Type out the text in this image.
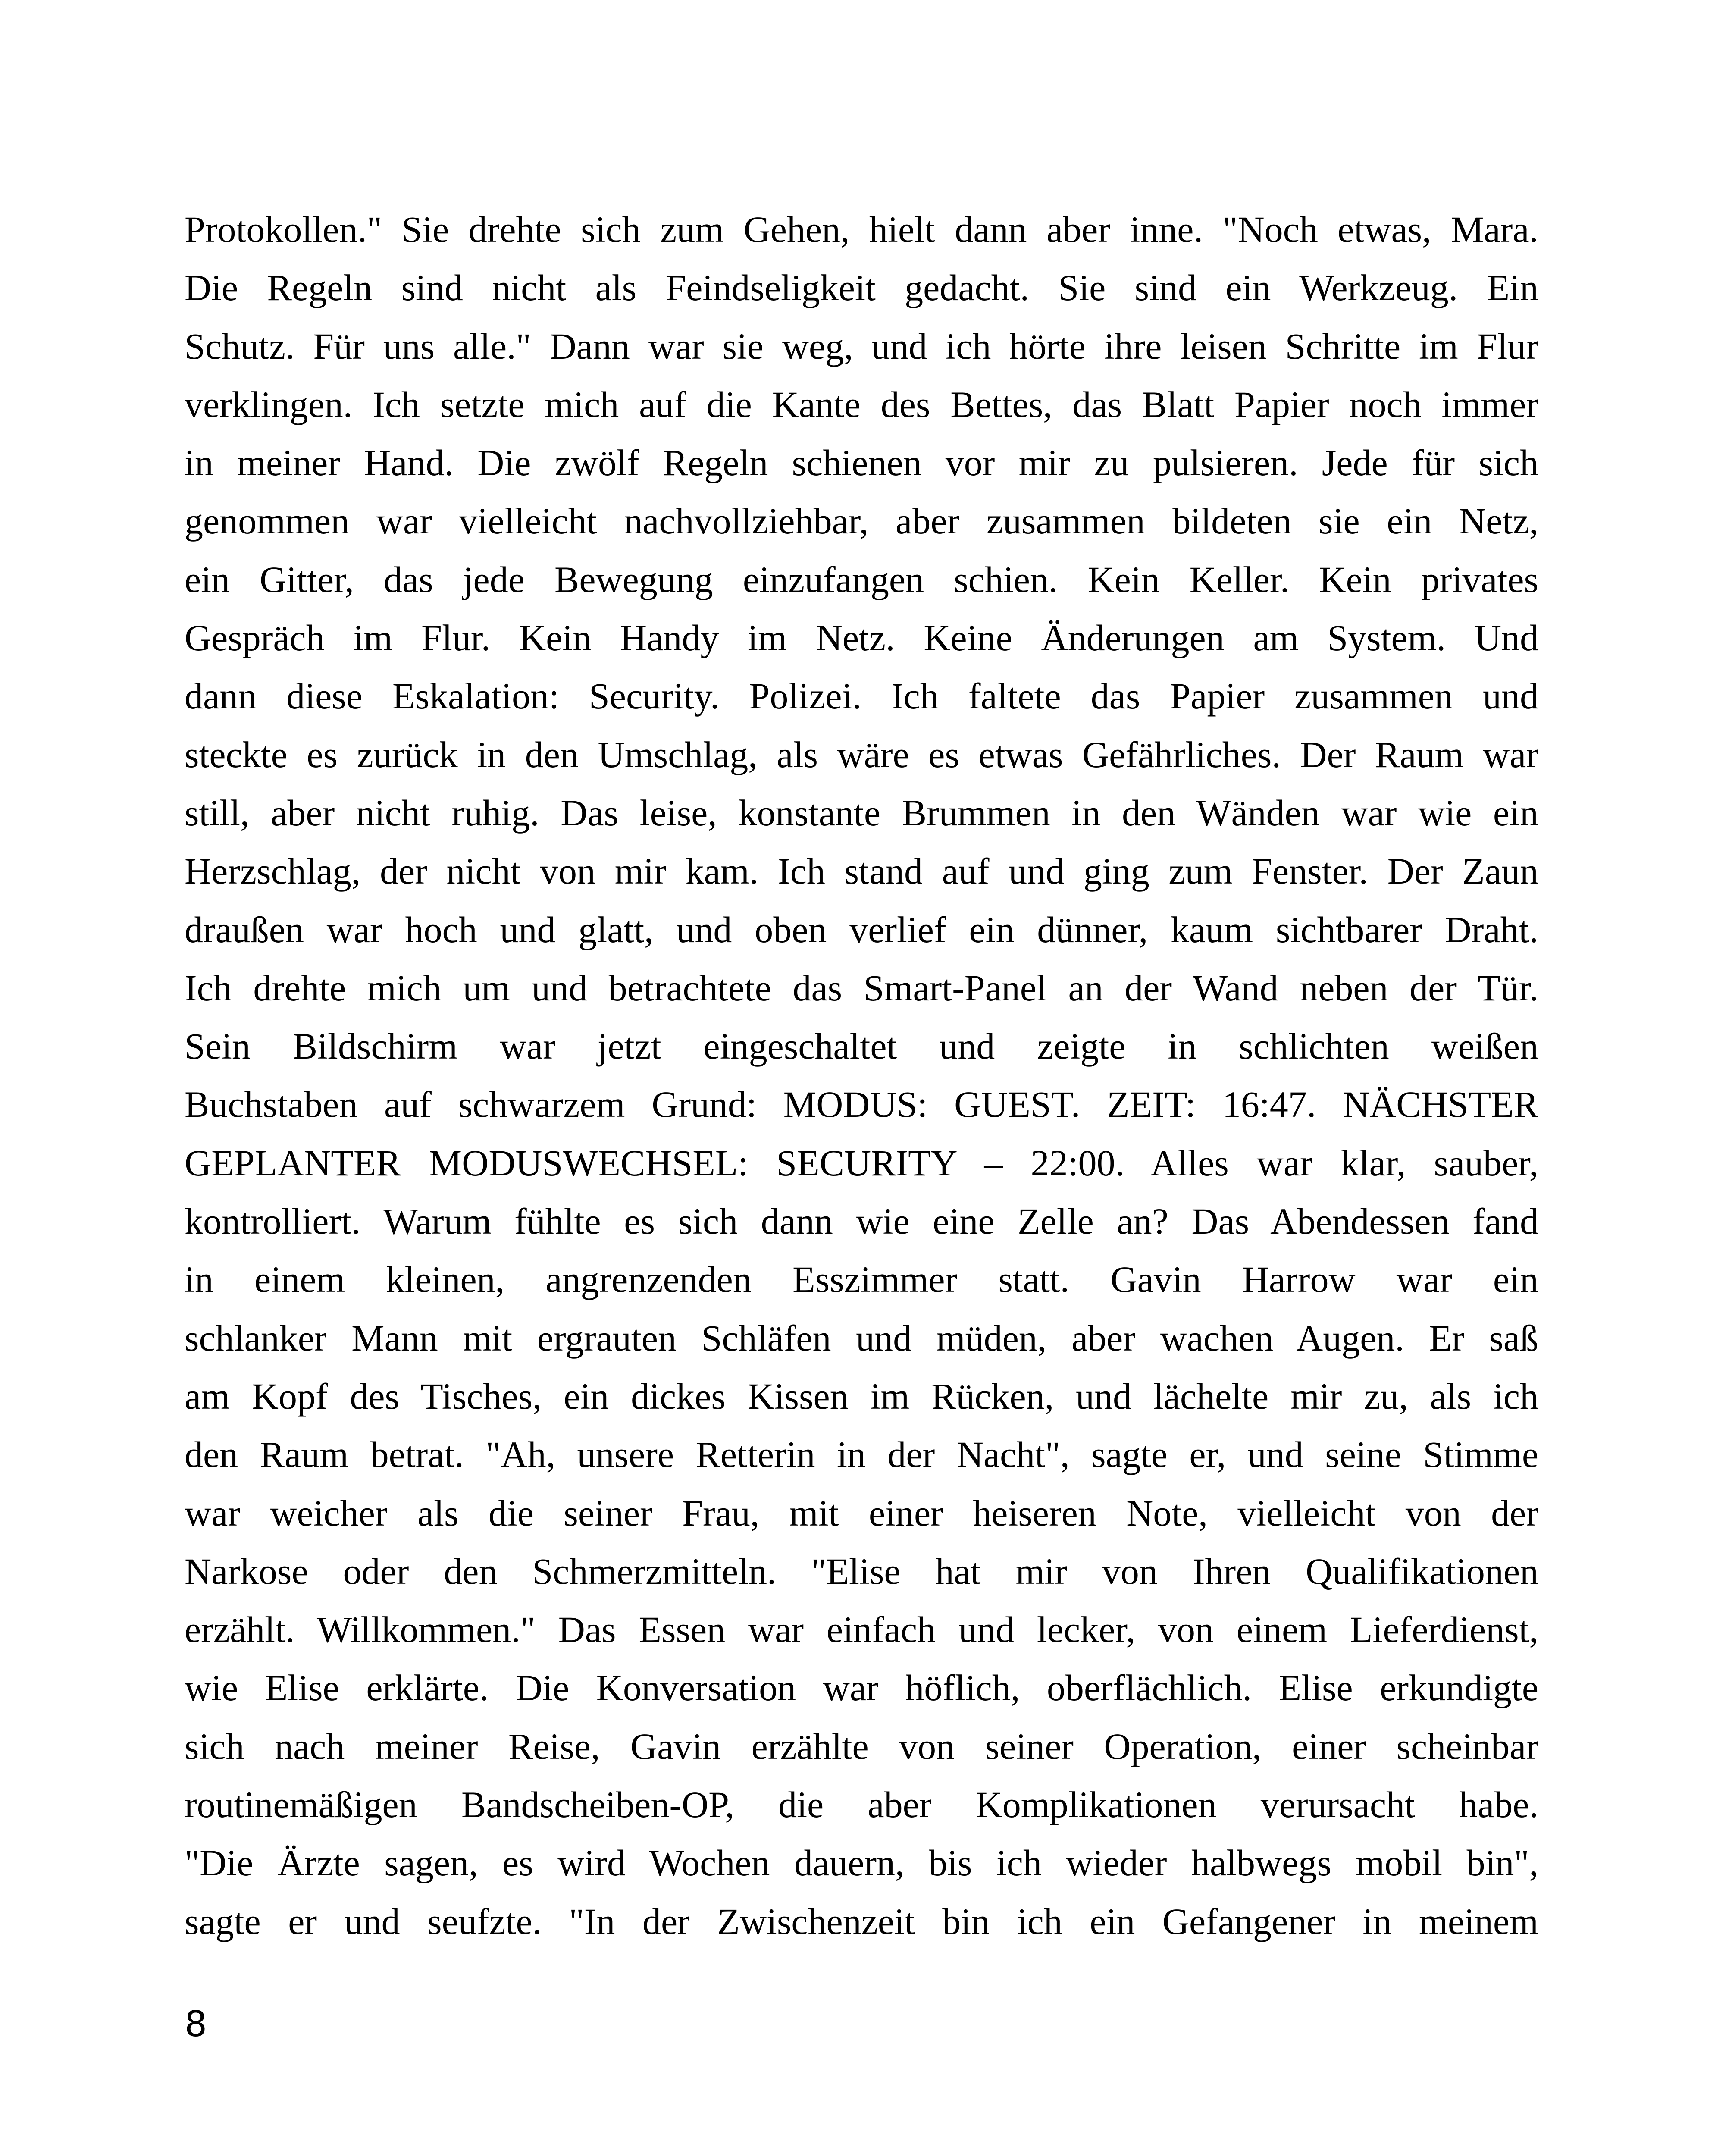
Protokollen." Sie drehte sich zum Gehen, hielt dann aber inne. "Noch etwas, Mara.
Die Regeln sind nicht als Feindseligkeit gedacht. Sie sind ein Werkzeug. Ein
Schutz. Für uns alle." Dann war sie weg, und ich hörte ihre leisen Schritte im Flur
verklingen. Ich setzte mich auf die Kante des Bettes, das Blatt Papier noch immer
in meiner Hand. Die zwölf Regeln schienen vor mir zu pulsieren. Jede für sich
genommen war vielleicht nachvollziehbar, aber zusammen bildeten sie ein Netz,
ein Gitter, das jede Bewegung einzufangen schien. Kein Keller. Kein privates
Gespräch im Flur. Kein Handy im Netz. Keine Änderungen am System. Und
dann diese Eskalation: Security. Polizei. Ich faltete das Papier zusammen und
steckte es zurück in den Umschlag, als wäre es etwas Gefährliches. Der Raum war
still, aber nicht ruhig. Das leise, konstante Brummen in den Wänden war wie ein
Herzschlag, der nicht von mir kam. Ich stand auf und ging zum Fenster. Der Zaun
draußen war hoch und glatt, und oben verlief ein dünner, kaum sichtbarer Draht.
Ich drehte mich um und betrachtete das Smart-Panel an der Wand neben der Tür.
Sein Bildschirm war jetzt eingeschaltet und zeigte in schlichten weißen
Buchstaben auf schwarzem Grund: MODUS: GUEST. ZEIT: 16:47. NÄCHSTER
GEPLANTER MODUSWECHSEL: SECURITY – 22:00. Alles war klar, sauber,
kontrolliert. Warum fühlte es sich dann wie eine Zelle an? Das Abendessen fand
in einem kleinen, angrenzenden Esszimmer statt. Gavin Harrow war ein
schlanker Mann mit ergrauten Schläfen und müden, aber wachen Augen. Er saß
am Kopf des Tisches, ein dickes Kissen im Rücken, und lächelte mir zu, als ich
den Raum betrat. "Ah, unsere Retterin in der Nacht", sagte er, und seine Stimme
war weicher als die seiner Frau, mit einer heiseren Note, vielleicht von der
Narkose oder den Schmerzmitteln. "Elise hat mir von Ihren Qualifikationen
erzählt. Willkommen." Das Essen war einfach und lecker, von einem Lieferdienst,
wie Elise erklärte. Die Konversation war höflich, oberflächlich. Elise erkundigte
sich nach meiner Reise, Gavin erzählte von seiner Operation, einer scheinbar
routinemäßigen Bandscheiben-OP, die aber Komplikationen verursacht habe.
"Die Ärzte sagen, es wird Wochen dauern, bis ich wieder halbwegs mobil bin",
sagte er und seufzte. "In der Zwischenzeit bin ich ein Gefangener in meinem
8
